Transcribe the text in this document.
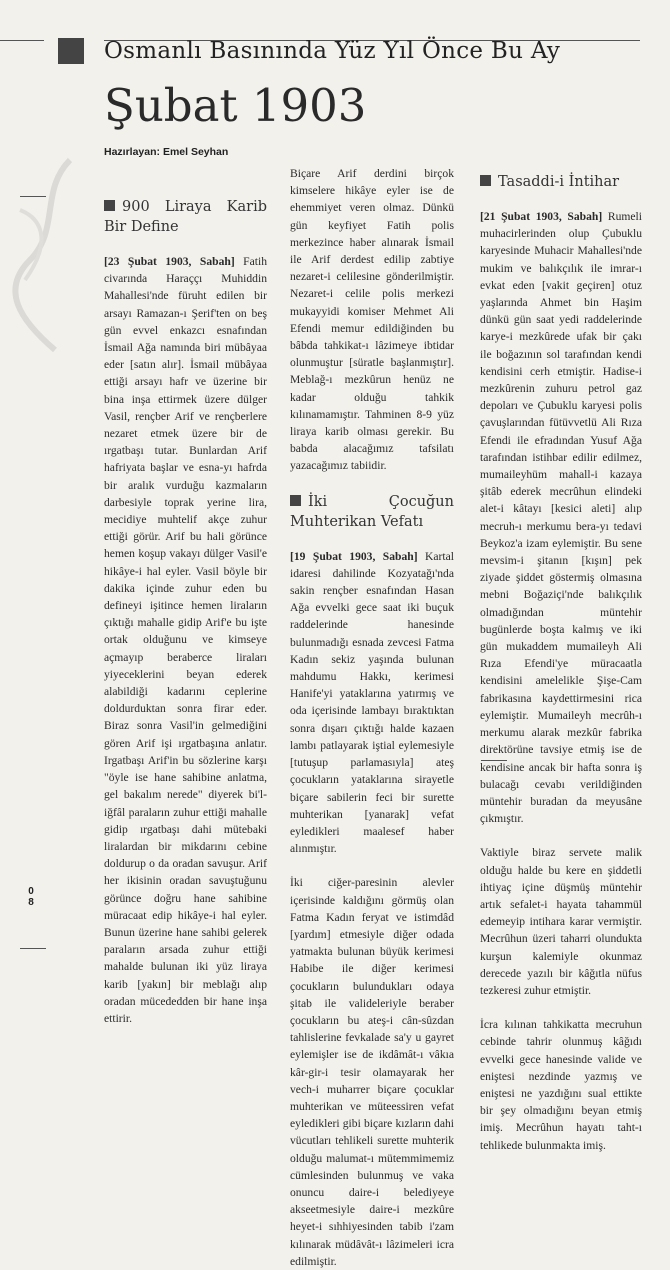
Osmanlı Basınında Yüz Yıl Önce Bu Ay
Şubat 1903
Hazırlayan: Emel Seyhan
900 Liraya Karib Bir Define

[23 Şubat 1903, Sabah] Fatih civarında Haraççı Muhiddin Mahallesi'nde füruht edilen bir arsayı Ramazan-ı Şerif'ten on beş gün evvel enkazcı esnafından İsmail Ağa namında biri mübâyaa eder [satın alır]. İsmail mübâyaa ettiği arsayı hafr ve üzerine bir bina inşa ettirmek üzere dülger Vasil, rençber Arif ve rençberlere nezaret etmek üzere bir de ırgatbaşı tutar. Bunlardan Arif hafriyata başlar ve esna-yı hafrda bir aralık vurduğu kazmaların darbesiyle toprak yerine lira, mecidiye muhtelif akçe zuhur ettiği görür. Arif bu hali görünce hemen koşup vakayı dülger Vasil'e hikâye-i hal eyler. Vasil böyle bir dakika içinde zuhur eden bu defineyi işitince hemen liraların çıktığı mahalle gidip Arif'e bu işte ortak olduğunu ve kimseye açmayıp beraberce liraları yiyeceklerini beyan ederek alabildiği kadarını ceplerine doldurduktan sonra firar eder. Biraz sonra Vasil'in gelmediğini gören Arif işi ırgatbaşına anlatır. Irgatbaşı Arif'in bu sözlerine karşı "öyle ise hane sahibine anlatma, gel bakalım nerede" diyerek bi'l-iğfâl paraların zuhur ettiği mahalle gidip ırgatbaşı dahi mütebaki liralardan bir mikdarını cebine doldurup o da oradan savuşur. Arif her ikisinin oradan savuştuğunu görünce doğru hane sahibine müracaat edip hikâye-i hal eyler. Bunun üzerine hane sahibi gelerek paraların arsada zuhur ettiği mahalde bulunan iki yüz liraya karib [yakın] bir meblağı alıp oradan mücededden bir hane inşa ettirir.

Biçare Arif derdini birçok kimselere hikâye eyler ise de ehemmiyet veren olmaz. Dünkü gün keyfiyet Fatih polis merkezince haber alınarak İsmail ile Arif derdest edilip zabtiye nezaret-i celilesine gönderilmiştir. Nezaret-i celile polis merkezi mukayyidi komiser Mehmet Ali Efendi memur edildiğinden bu bâbda tahkikat-ı lâzimeye ibtidar olunmuştur [süratle başlanmıştır]. Meblağ-ı mezkûrun henüz ne kadar olduğu tahkik kılınamamıştır. Tahminen 8-9 yüz liraya karib olması gerekir. Bu babda alacağımız tafsilatı yazacağımız tabiidir.

İki Çocuğun Muhterikan Vefatı

[19 Şubat 1903, Sabah] Kartal idaresi dahilinde Kozyatağı'nda sakin rençber esnafından Hasan Ağa evvelki gece saat iki buçuk raddelerinde hanesinde bulunmadığı esnada zevcesi Fatma Kadın sekiz yaşında bulunan mahdumu Hakkı, kerimesi Hanife'yi yataklarına yatırmış ve oda içerisinde lambayı bıraktıktan sonra dışarı çıktığı halde kazaen lambı patlayarak iştial eylemesiyle [tutuşup parlamasıyla] ateş çocukların yataklarına sirayetle biçare sabilerin feci bir surette muhterikan [yanarak] vefat eyledikleri maalesef haber alınmıştır.

İki ciğer-paresinin alevler içerisinde kaldığını görmüş olan Fatma Kadın feryat ve istimdâd [yardım] etmesiyle diğer odada yatmakta bulunan büyük kerimesi Habibe ile diğer kerimesi çocukların bulundukları odaya şitab ile valideleriyle beraber çocukların bu ateş-i cân-sûzdan tahlislerine fevkalade sa'y u gayret eylemişler ise de ikdâmât-ı vâkıa kâr-gir-i tesir olamayarak her vech-i muharrer biçare çocuklar muhterikan ve müteessiren vefat eyledikleri gibi biçare kızların dahi vücutları tehlikeli surette muhterik olduğu malumat-ı mütemmimemiz cümlesinden bulunmuş ve vaka onuncu daire-i belediyeye akseetmesiyle daire-i mezkûre heyet-i sıhhiyesinden tabib i'zam kılınarak müdâvât-ı lâzimeleri icra edilmiştir.

Tasaddi-i İntihar

[21 Şubat 1903, Sabah] Rumeli muhacirlerinden olup Çubuklu karyesinde Muhacir Mahallesi'nde mukim ve balıkçılık ile imrar-ı evkat eden [vakit geçiren] otuz yaşlarında Ahmet bin Haşim dünkü gün saat yedi raddelerinde karye-i mezkûrede ufak bir çakı ile boğazının sol tarafından kendi kendisini cerh etmiştir. Hadise-i mezkûrenin zuhuru petrol gaz depoları ve Çubuklu karyesi polis çavuşlarından fütüvvetlü Ali Rıza Efendi ile efradından Yusuf Ağa tarafından istihbar edilir edilmez, mumaileyhüm mahall-i kazaya şitâb ederek mecrûhun elindeki alet-i kâtayı [kesici aleti] alıp mecruh-ı merkumu bera-yı tedavi Beykoz'a izam eylemiştir. Bu sene mevsim-i şitanın [kışın] pek ziyade şiddet göstermiş olmasına mebni Boğaziçi'nde balıkçılık olmadığından müntehir bugünlerde boşta kalmış ve iki gün mukaddem mumaileyh Ali Rıza Efendi'ye müracaatla kendisini amelelikle Şişe-Cam fabrikasına kaydettirmesini rica eylemiştir. Mumaileyh mecrûh-ı merkumu alarak mezkûr fabrika direktörüne tavsiye etmiş ise de kendisine ancak bir hafta sonra iş bulacağı cevabı verildiğinden müntehir buradan da meyusâne çıkmıştır.

Vaktiyle biraz servete malik olduğu halde bu kere en şiddetli ihtiyaç içine düşmüş müntehir artık sefalet-i hayata tahammül edemeyip intihara karar vermiştir. Mecrûhun üzeri taharri olundukta kurşun kalemiyle okunmaz derecede yazılı bir kâğıtla nüfus tezkeresi zuhur etmiştir.

İcra kılınan tahkikatta mecruhun cebinde tahrir olunmuş kâğıdı evvelki gece hanesinde valide ve eniştesi nezdinde yazmış ve eniştesi ne yazdığını sual ettikte bir şey olmadığını beyan etmiş imiş. Mecrûhun hayatı taht-ı tehlikede bulunmakta imiş.

08
